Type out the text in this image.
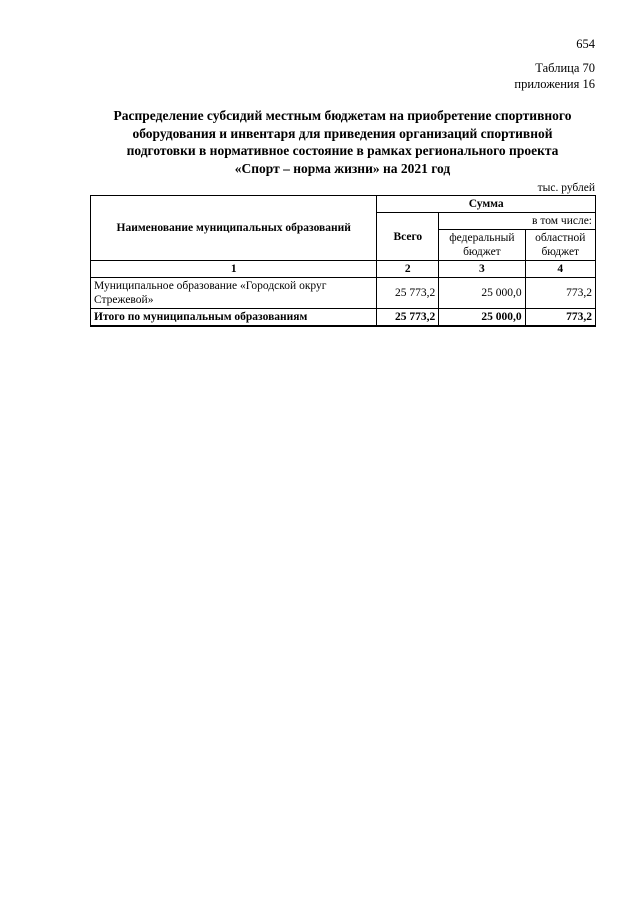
654
Таблица 70
приложения 16
Распределение субсидий местным бюджетам на приобретение спортивного
оборудования и инвентаря для приведения организаций спортивной
подготовки в нормативное состояние в рамках регионального проекта
«Спорт – норма жизни» на 2021 год
тыс. рублей
Наименование муниципальных образований	Сумма		
	Всего	в том числе:	
		федеральный бюджет	областной бюджет
1	2	3	4
Муниципальное образование «Городской округ Стрежевой»	25 773,2	25 000,0	773,2
Итого по муниципальным образованиям	25 773,2	25 000,0	773,2
